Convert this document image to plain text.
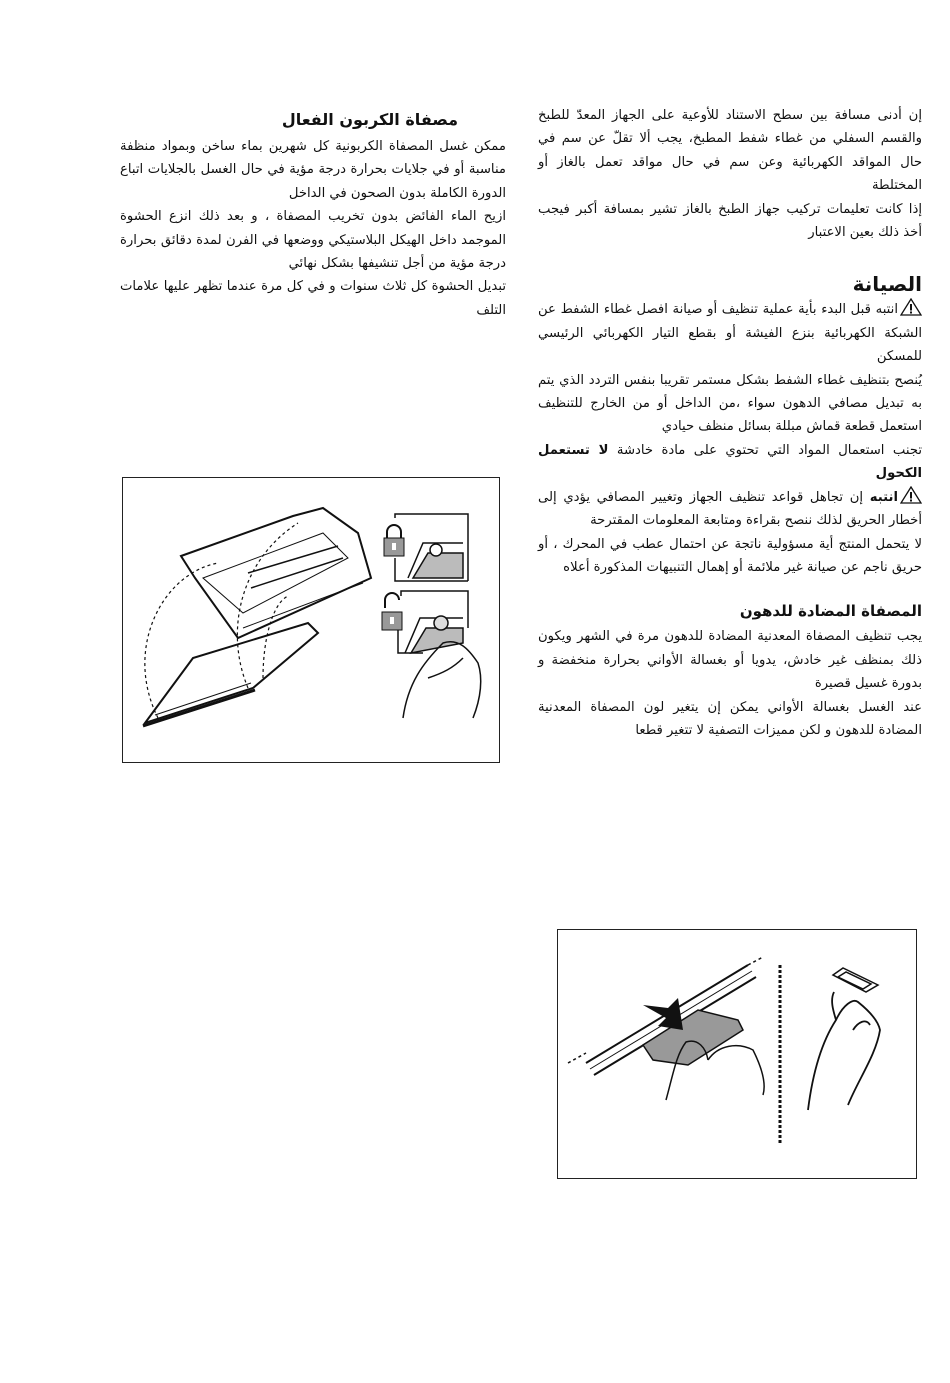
إن أدنى مسافة بين سطح الاستناد للأوعية على الجهاز المعدّ للطبخ والقسم السفلي من غطاء شفط المطبخ، يجب ألا تقلّ عن سم في حال المواقد الكهربائية وعن سم في حال مواقد تعمل بالغاز أو المختلطة

إذا كانت تعليمات تركيب جهاز الطبخ بالغاز تشير بمسافة أكبر فيجب أخذ ذلك بعين الاعتبار

الصيانة

انتبه قبل البدء بأية عملية تنظيف أو صيانة افصل غطاء الشفط عن الشبكة الكهربائية بنزع الفيشة أو بقطع التيار الكهربائي الرئيسي للمسكن

يُنصح بتنظيف غطاء الشفط بشكل مستمر تقريبا بنفس التردد الذي يتم به تبديل مصافي الدهون سواء ،من الداخل أو من الخارج للتنظيف استعمل قطعة قماش مبللة بسائل منظف حيادي

تجنب استعمال المواد التي تحتوي على مادة خادشة لا تستعمل الكحول

انتبه إن تجاهل قواعد تنظيف الجهاز وتغيير المصافي يؤدي إلى أخطار الحريق لذلك ننصح بقراءة ومتابعة المعلومات المقترحة

لا يتحمل المنتج أية مسؤولية ناتجة عن احتمال عطب في المحرك ، أو حريق ناجم عن صيانة غير ملائمة أو إهمال التنبيهات المذكورة أعلاه

المصفاة المضادة للدهون

يجب تنظيف المصفاة المعدنية المضادة للدهون مرة في الشهر ويكون ذلك بمنظف غير خادش، يدويا أو بغسالة الأواني بحرارة منخفضة و بدورة غسيل قصيرة

عند الغسل بغسالة الأواني يمكن إن يتغير لون المصفاة المعدنية المضادة للدهون و لكن مميزات التصفية لا تتغير قطعا

مصفاة الكربون الفعال

ممكن غسل المصفاة الكربونية كل شهرين بماء ساخن وبمواد منظفة مناسبة أو في جلايات بحرارة درجة مؤية في حال الغسل بالجلايات اتباع الدورة الكاملة بدون الصحون في الداخل

ازيح الماء الفائض بدون تخريب المصفاة ، و بعد ذلك انزع الحشوة الموجمد داخل الهيكل البلاستيكي ووضعها في الفرن لمدة دقائق بحرارة درجة مؤية من أجل تنشيفها بشكل نهائي

تبديل الحشوة كل ثلاث سنوات و في كل مرة عندما تظهر عليها علامات التلف
